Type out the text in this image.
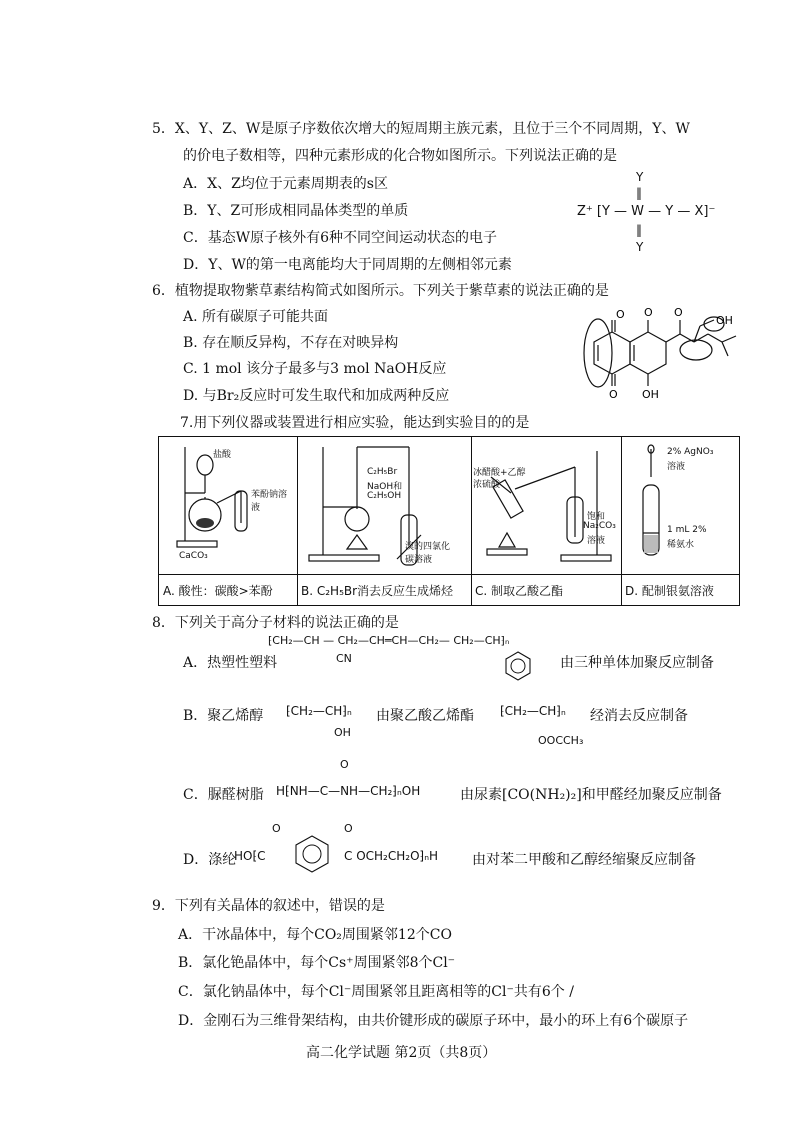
5．X、Y、Z、W是原子序数依次增大的短周期主族元素，且位于三个不同周期，Y、W
的价电子数相等，四种元素形成的化合物如图所示。下列说法正确的是
A．X、Z均位于元素周期表的s区
B．Y、Z可形成相同晶体类型的单质
C．基态W原子核外有6种不同空间运动状态的电子
D．Y、W的第一电离能均大于同周期的左侧相邻元素
Y
‖
Z⁺ [Y — W — Y — X]⁻
‖
Y
6．植物提取物紫草素结构简式如图所示。下列关于紫草素的说法正确的是
A. 所有碳原子可能共面
B. 存在顺反异构，不存在对映异构
C. 1 mol 该分子最多与3 mol NaOH反应
D. 与Br₂反应时可发生取代和加成两种反应
O
O
O
OH
O
OH
7.用下列仪器或装置进行相应实验，能达到实验目的的是
盐酸
苯酚钠溶液
CaCO₃
A. 酸性：碳酸>苯酚
C₂H₅Br
NaOH和
C₂H₅OH
溴的四氯化碳溶液
B. C₂H₅Br消去反应生成烯烃
冰醋酸+乙醇
浓硫酸
饱和
Na₂CO₃
溶液
C. 制取乙酸乙酯
2% AgNO₃
溶液
1 mL 2%
稀氨水
D. 配制银氨溶液
8．下列关于高分子材料的说法正确的是
A．热塑性塑料
⁅CH₂—CH — CH₂—CH═CH—CH₂— CH₂—CH⁆ₙ
CN	由三种单体加聚反应制备
B．聚乙烯醇 ⁅CH₂—CH⁆ₙ
OH
由聚乙酸乙烯酯 ⁅CH₂—CH⁆ₙ
OOCCH₃
经消去反应制备
C．脲醛树脂 H⁅NH—C—NH—CH₂⁆ₙOH
O
由尿素[CO(NH₂)₂]和甲醛经加聚反应制备
D．涤纶
HO⁅C	C OCH₂CH₂O⁆ₙH
O	O
由对苯二甲酸和乙醇经缩聚反应制备
9．下列有关晶体的叙述中，错误的是
A．干冰晶体中，每个CO₂周围紧邻12个CO
B．氯化铯晶体中，每个Cs⁺周围紧邻8个Cl⁻
C．氯化钠晶体中，每个Cl⁻周围紧邻且距离相等的Cl⁻共有6个 /
D．金刚石为三维骨架结构，由共价键形成的碳原子环中，最小的环上有6个碳原子
高二化学试题 第2页（共8页）
